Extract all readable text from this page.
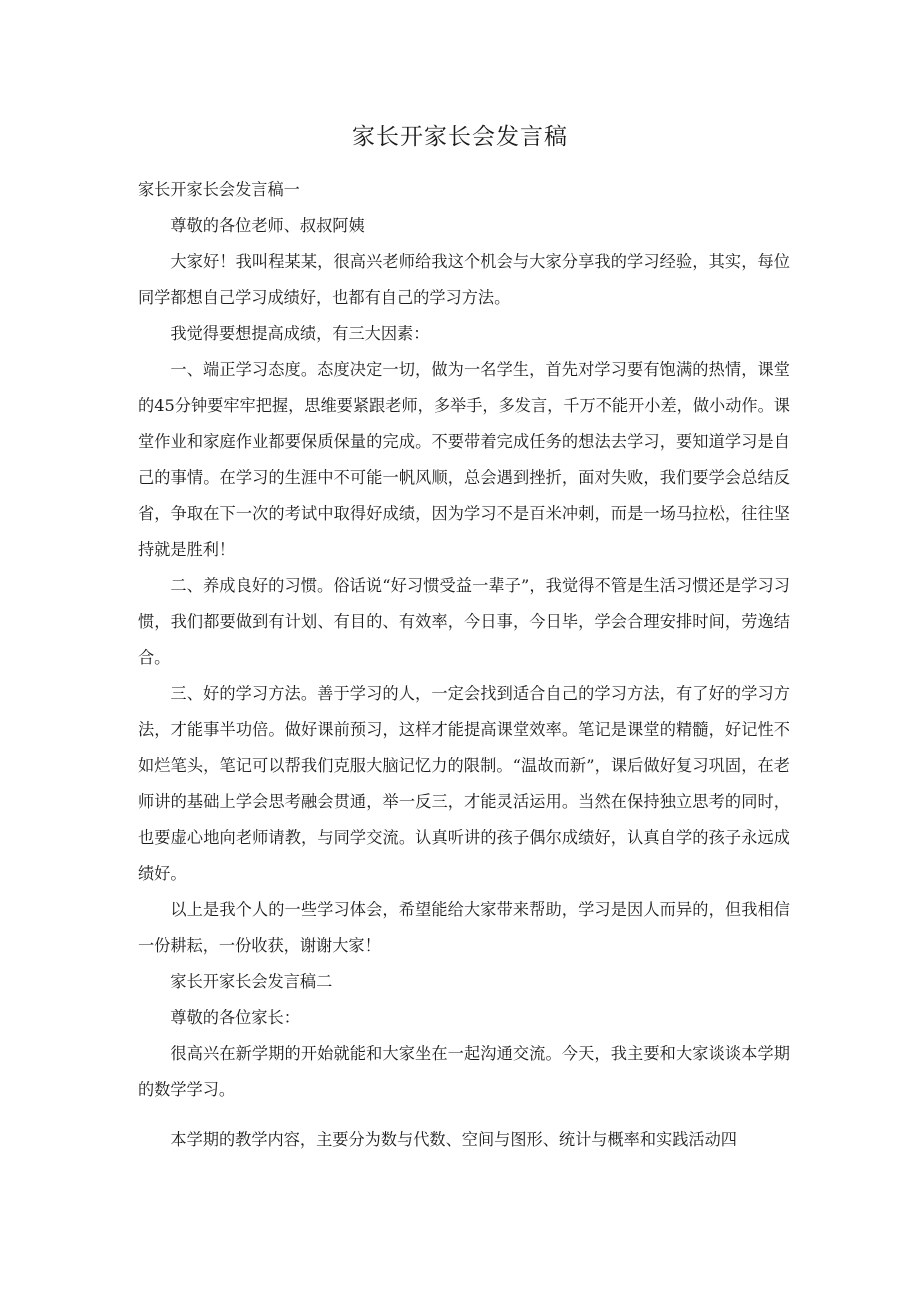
家长开家长会发言稿

家长开家长会发言稿一

尊敬的各位老师、叔叔阿姨

大家好！我叫程某某，很高兴老师给我这个机会与大家分享我的学习经验，其实，每位同学都想自己学习成绩好，也都有自己的学习方法。

我觉得要想提高成绩，有三大因素：

一、端正学习态度。态度决定一切，做为一名学生，首先对学习要有饱满的热情，课堂的45分钟要牢牢把握，思维要紧跟老师，多举手，多发言，千万不能开小差，做小动作。课堂作业和家庭作业都要保质保量的完成。不要带着完成任务的想法去学习，要知道学习是自己的事情。在学习的生涯中不可能一帆风顺，总会遇到挫折，面对失败，我们要学会总结反省，争取在下一次的考试中取得好成绩，因为学习不是百米冲刺，而是一场马拉松，往往坚持就是胜利！

二、养成良好的习惯。俗话说“好习惯受益一辈子”，我觉得不管是生活习惯还是学习习惯，我们都要做到有计划、有目的、有效率，今日事，今日毕，学会合理安排时间，劳逸结合。

三、好的学习方法。善于学习的人，一定会找到适合自己的学习方法，有了好的学习方法，才能事半功倍。做好课前预习，这样才能提高课堂效率。笔记是课堂的精髓，好记性不如烂笔头，笔记可以帮我们克服大脑记忆力的限制。“温故而新”，课后做好复习巩固，在老师讲的基础上学会思考融会贯通，举一反三，才能灵活运用。当然在保持独立思考的同时，也要虚心地向老师请教，与同学交流。认真听讲的孩子偶尔成绩好，认真自学的孩子永远成绩好。

以上是我个人的一些学习体会，希望能给大家带来帮助，学习是因人而异的，但我相信一份耕耘，一份收获，谢谢大家！

家长开家长会发言稿二

尊敬的各位家长：

很高兴在新学期的开始就能和大家坐在一起沟通交流。今天，我主要和大家谈谈本学期的数学学习。

本学期的教学内容，主要分为数与代数、空间与图形、统计与概率和实践活动四
